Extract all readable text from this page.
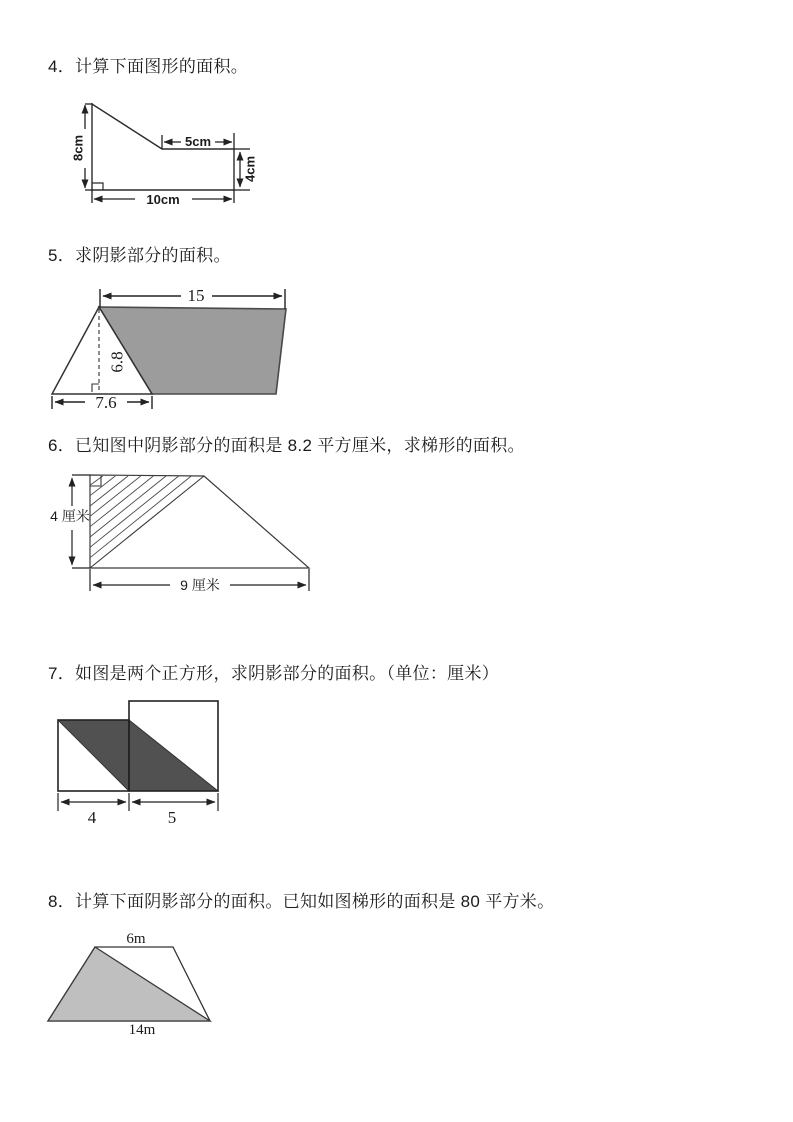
4．计算下面图形的面积。
8cm	5cm
4cm
10cm
5．求阴影部分的面积。
15
6.8
7.6
6．已知图中阴影部分的面积是 8.2 平方厘米，求梯形的面积。
4 厘米
9 厘米
7．如图是两个正方形，求阴影部分的面积。（单位：厘米）
4	5
8．计算下面阴影部分的面积。已知如图梯形的面积是 80 平方米。
6m
14m
